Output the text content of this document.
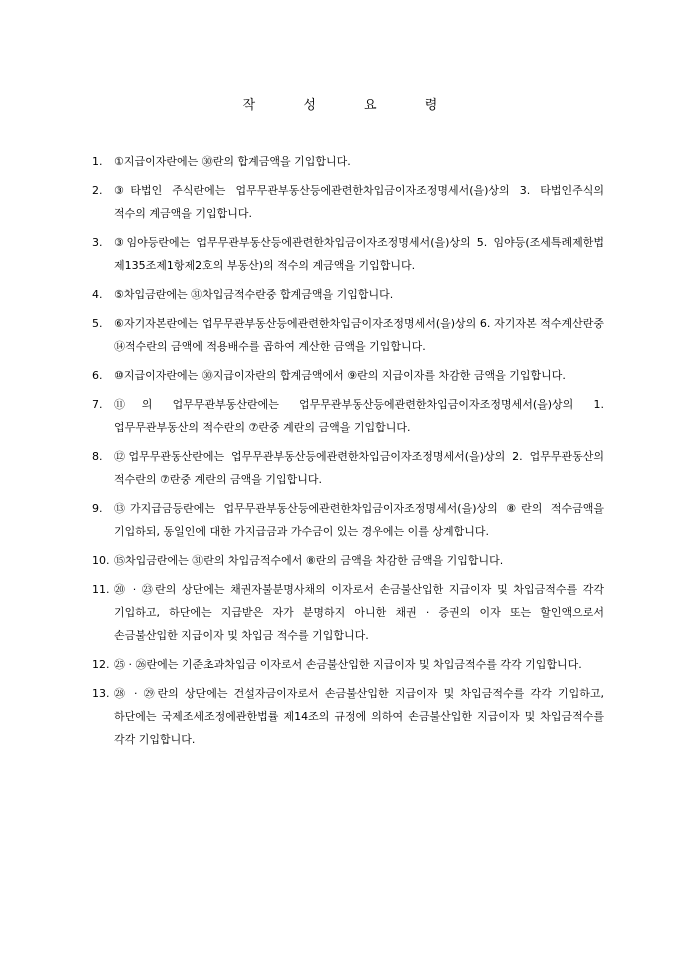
작 성 요 령
1.	①지급이자란에는 ㉚란의 합계금액을 기입합니다.
2.	③타법인 주식란에는 업무무관부동산등에관련한차입금이자조정명세서(을)상의 3. 타법인주식의 적수의 계금액을 기입합니다.
3.	③임야등란에는 업무무관부동산등에관련한차입금이자조정명세서(을)상의 5. 임야등(조세특례제한법 제135조제1항제2호의 부동산)의 적수의 계금액을 기입합니다.
4.	⑤차입금란에는 ㉛차입금적수란중 합계금액을 기입합니다.
5.	⑥자기자본란에는 업무무관부동산등에관련한차입금이자조정명세서(을)상의 6. 자기자본 적수계산란중 ⑭적수란의 금액에 적용배수를 곱하여 계산한 금액을 기입합니다.
6.	⑩지급이자란에는 ㉚지급이자란의 합계금액에서 ⑨란의 지급이자를 차감한 금액을 기입합니다.
7.	⑪의 업무무관부동산란에는 업무무관부동산등에관련한차입금이자조정명세서(을)상의 1. 업무무관부동산의 적수란의 ⑦란중 계란의 금액을 기입합니다.
8.	⑫업무무관동산란에는 업무무관부동산등에관련한차입금이자조정명세서(을)상의 2. 업무무관동산의 적수란의 ⑦란중 계란의 금액을 기입합니다.
9.	⑬가지급금등란에는 업무무관부동산등에관련한차입금이자조정명세서(을)상의 ⑧란의 적수금액을 기입하되, 동일인에 대한 가지급금과 가수금이 있는 경우에는 이를 상계합니다.
10. ⑮차입금란에는 ㉛란의 차입금적수에서 ⑧란의 금액을 차감한 금액을 기입합니다.
11. ⑳ · ㉓란의 상단에는 채권자불분명사채의 이자로서 손금불산입한 지급이자 및 차입금적수를 각각 기입하고, 하단에는 지급받은 자가 분명하지 아니한 채권 · 증권의 이자 또는 할인액으로서 손금불산입한 지급이자 및 차입금 적수를 기입합니다.
12. ㉕ · ㉖란에는 기준초과차입금 이자로서 손금불산입한 지급이자 및 차입금적수를 각각 기입합니다.
13. ㉘ · ㉙란의 상단에는 건설자금이자로서 손금불산입한 지급이자 및 차입금적수를 각각 기입하고, 하단에는 국제조세조정에관한법률 제14조의 규정에 의하여 손금불산입한 지급이자 및 차입금적수를 각각 기입합니다.
